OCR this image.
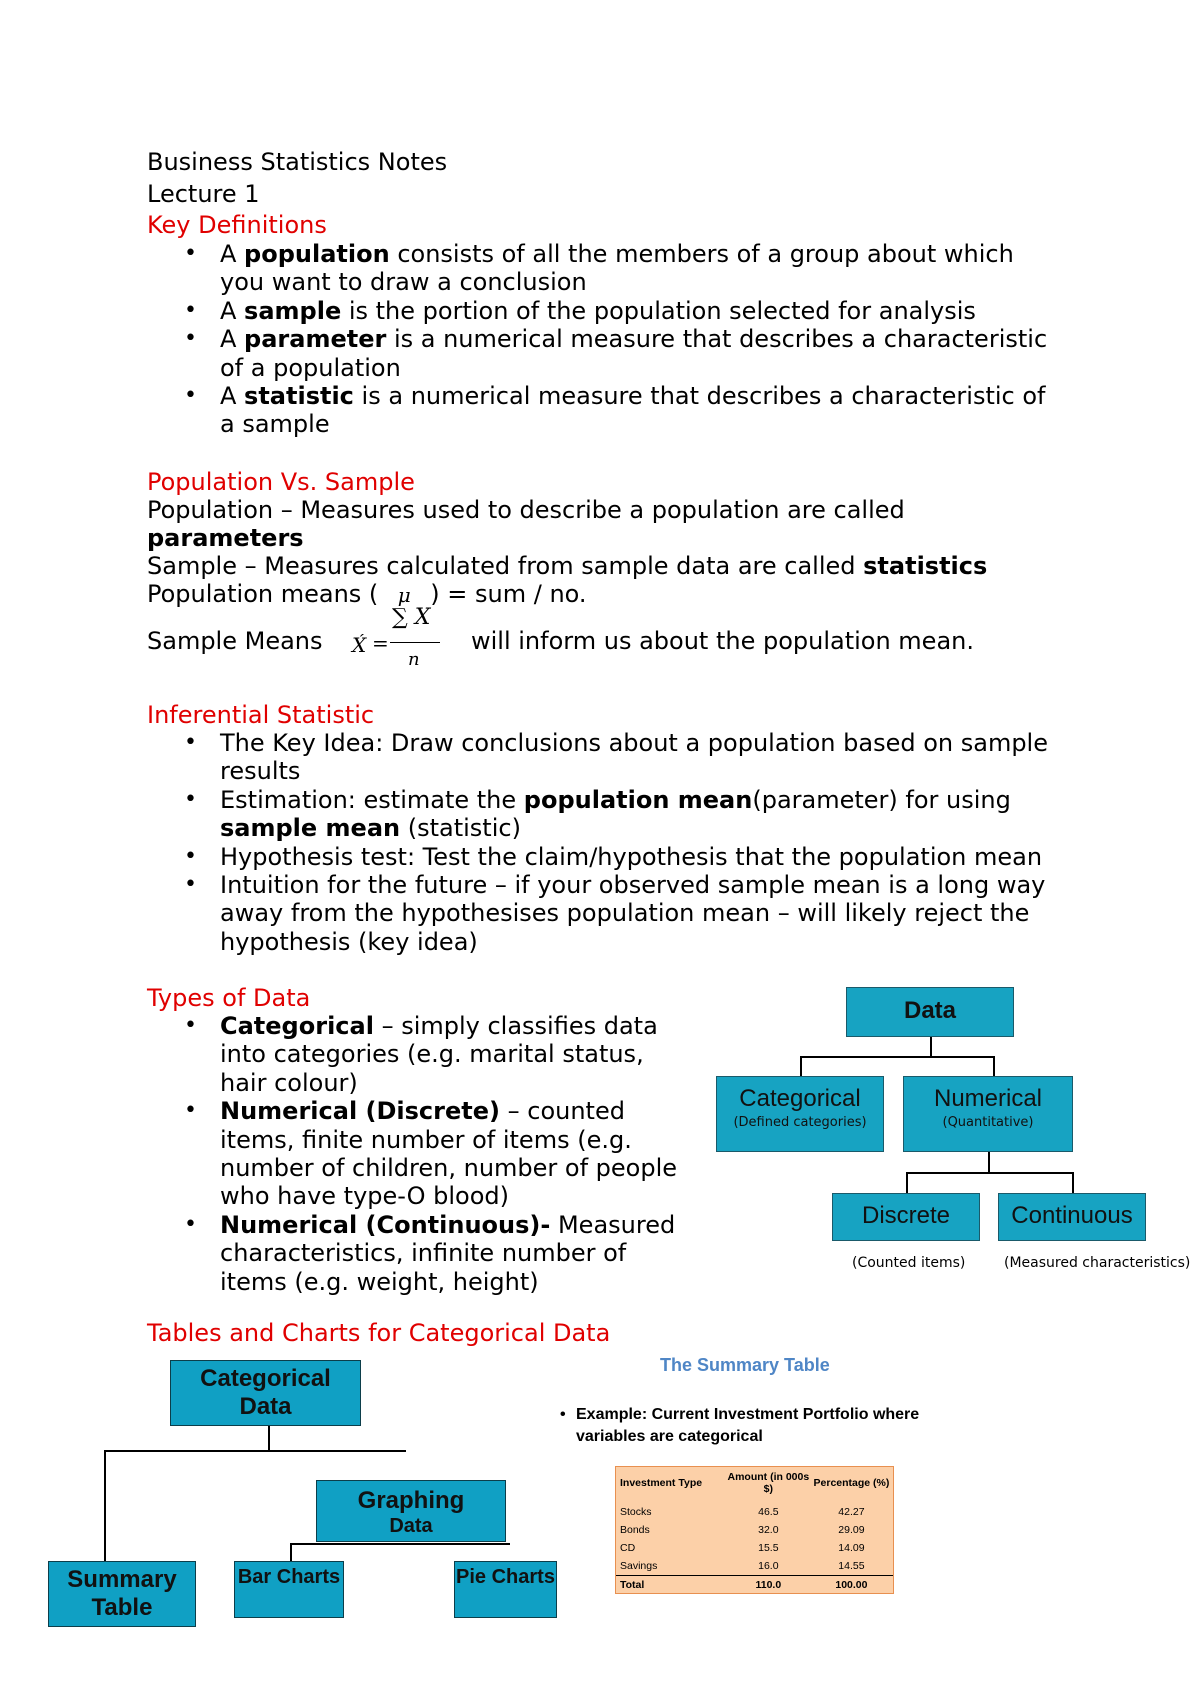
Business Statistics Notes
Lecture 1
Key Definitions
• A population consists of all the members of a group about which
you want to draw a conclusion
• A sample is the portion of the population selected for analysis
• A parameter is a numerical measure that describes a characteristic
of a population
• A statistic is a numerical measure that describes a characteristic of
a sample
Population Vs. Sample
Population – Measures used to describe a population are called
parameters
Sample – Measures calculated from sample data are called statistics
Population means ( μ ) = sum / no.
Sample Means X́ =
∑ X
n
will inform us about the population mean.
Inferential Statistic
• The Key Idea: Draw conclusions about a population based on sample
results
• Estimation: estimate the population mean(parameter) for using
sample mean (statistic)
• Hypothesis test: Test the claim/hypothesis that the population mean
• Intuition for the future – if your observed sample mean is a long way
away from the hypothesises population mean – will likely reject the
hypothesis (key idea)
Types of Data
• Categorical – simply classifies data
into categories (e.g. marital status,
hair colour)
• Numerical (Discrete) – counted
items, finite number of items (e.g.
number of children, number of people
who have type-O blood)
• Numerical (Continuous)- Measured
characteristics, infinite number of
items (e.g. weight, height)
Data
Categorical
(Defined categories)
Numerical
(Quantitative)
Discrete	Continuous
(Counted items)	(Measured characteristics)
Tables and Charts for Categorical Data
Categorical Data
Graphing
Data
Summary Table
Bar Charts	Pie Charts
The Summary Table
• Example: Current Investment Portfolio where
variables are categorical
Investment Type	Amount (in 000s $)	Percentage (%)
Stocks	46.5	42.27
Bonds	32.0	29.09
CD	15.5	14.09
Savings	16.0	14.55
Total	110.0	100.00
